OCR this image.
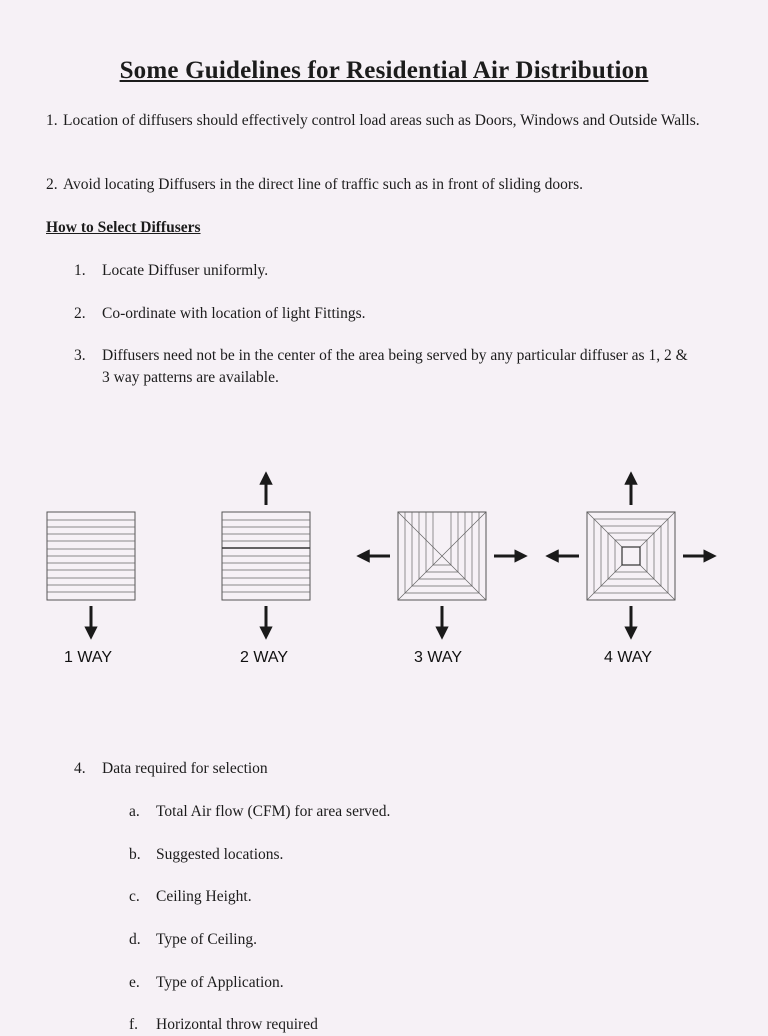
Some Guidelines for Residential Air Distribution
1. Location of diffusers should effectively control load areas such as Doors, Windows and Outside Walls.
2. Avoid locating Diffusers in the direct line of traffic such as in front of sliding doors.
How to Select Diffusers
1. Locate Diffuser uniformly.
2. Co-ordinate with location of light Fittings.
3. Diffusers need not be in the center of the area being served by any particular diffuser as 1, 2 & 3 way patterns are available.
1 WAY	2 WAY	3 WAY	4 WAY
4. Data required for selection
a. Total Air flow (CFM) for area served.
b. Suggested locations.
c. Ceiling Height.
d. Type of Ceiling.
e. Type of Application.
f. Horizontal throw required
